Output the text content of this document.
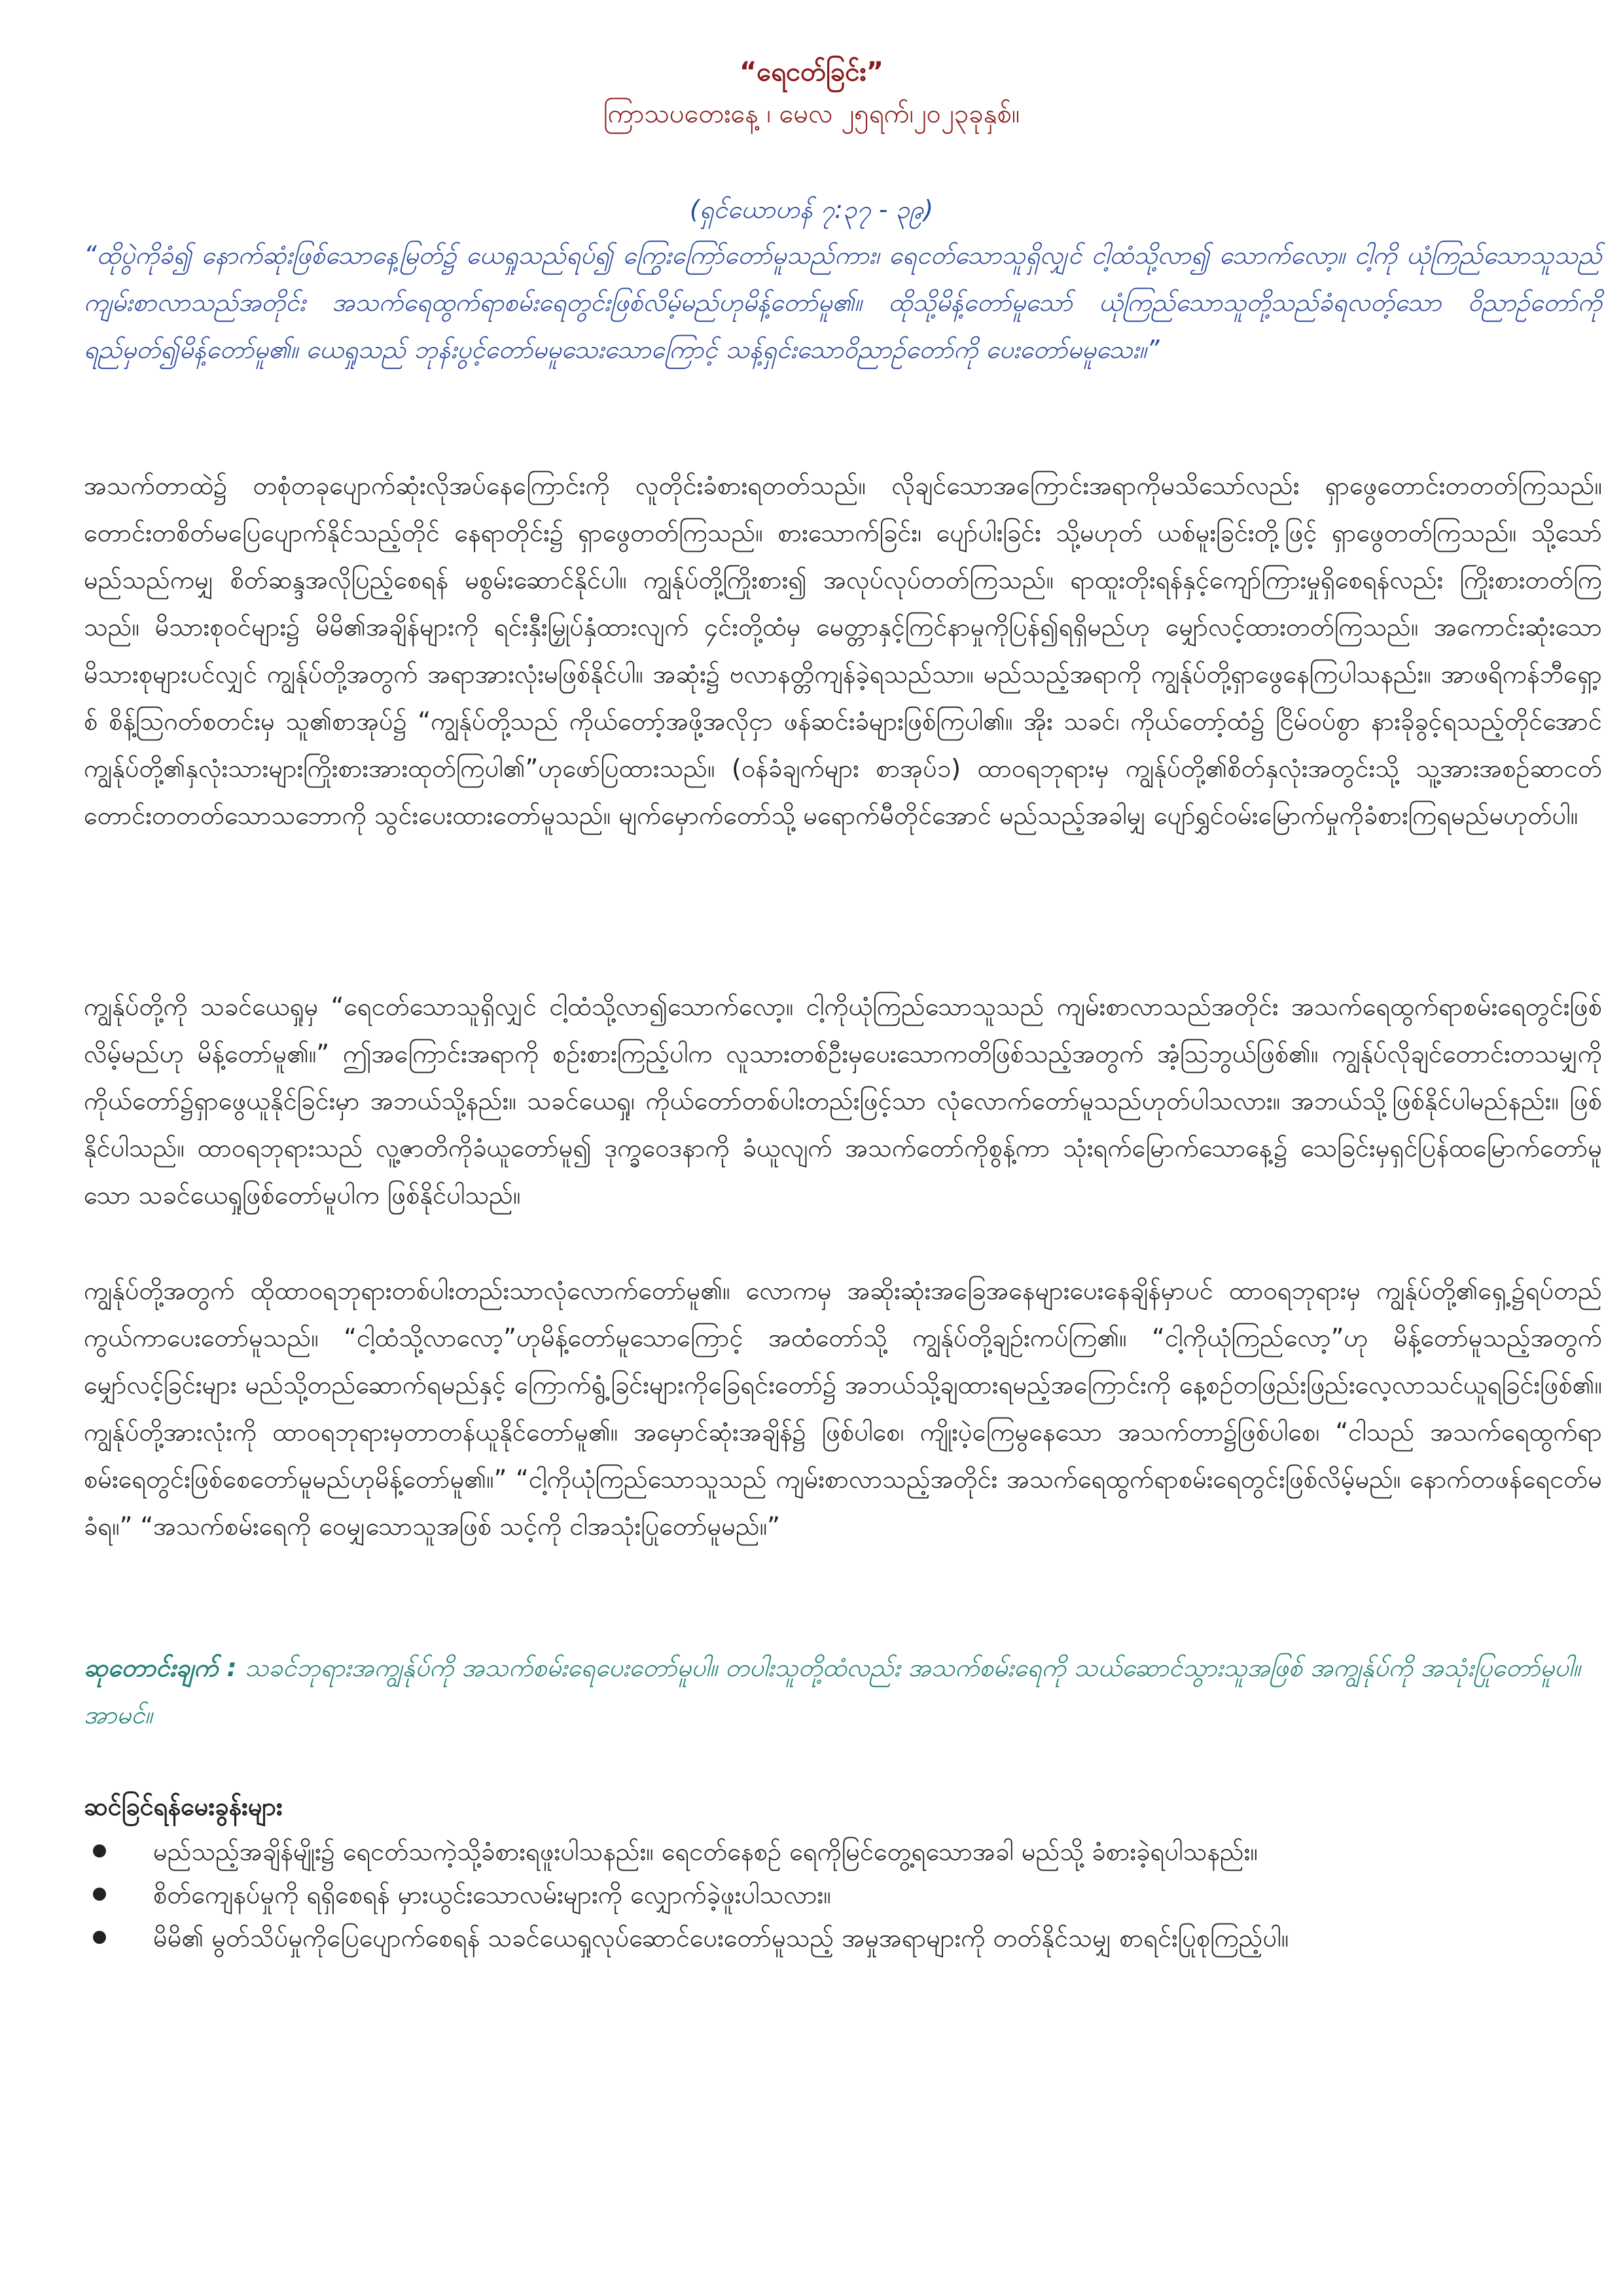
“ရေငတ်ခြင်း”
ကြာသပတေးနေ့ ၊ မေလ ၂၅ရက်၊၂၀၂၃ခုနှစ်။
(ရှင်ယောဟန် ၇:၃၇ - ၃၉)

“ထိုပွဲကိုခံ၍ နောက်ဆုံးဖြစ်သောနေ့မြတ်၌ ယေရှုသည်ရပ်၍ ကြွေးကြော်တော်မူသည်ကား၊ ရေငတ်သောသူရှိလျှင် ငါ့ထံသို့လာ၍ သောက်လော့။ ငါ့ကို ယုံကြည်သောသူသည် ကျမ်းစာလာသည်အတိုင်း အသက်ရေထွက်ရာစမ်းရေတွင်းဖြစ်လိမ့်မည်ဟုမိန့်တော်မူ၏။ ထိုသို့မိန့်တော်မူသော် ယုံကြည်သောသူတို့သည်ခံရလတ့်သော ဝိညာဉ်တော်ကိုရည်မှတ်၍မိန့်တော်မူ၏။ ယေရှုသည် ဘုန်းပွင့်တော်မမူသေးသောကြောင့် သန့်ရှင်းသောဝိညာဉ်တော်ကို ပေးတော်မမူသေး။”

အသက်တာထဲ၌ တစုံတခုပျောက်ဆုံးလိုအပ်နေကြောင်းကို လူတိုင်းခံစားရတတ်သည်။ လိုချင်သောအကြောင်းအရာကိုမသိသော်လည်း ရှာဖွေတောင်းတတတ်ကြသည်။ တောင်းတစိတ်မပြေပျောက်နိုင်သည့်တိုင် နေရာတိုင်း၌ ရှာဖွေတတ်ကြသည်။ စားသောက်ခြင်း၊ ပျော်ပါးခြင်း သို့မဟုတ် ယစ်မူးခြင်းတို့ဖြင့် ရှာဖွေတတ်ကြသည်။ သို့သော် မည်သည်ကမျှ စိတ်ဆန္ဒအလိုပြည့်စေရန် မစွမ်းဆောင်နိုင်ပါ။ ကျွန်ုပ်တို့ကြိုးစား၍ အလုပ်လုပ်တတ်ကြသည်။ ရာထူးတိုးရန်နှင့်ကျော်ကြားမှုရှိစေရန်လည်း ကြိုးစားတတ်ကြသည်။ မိသားစုဝင်များ၌ မိမိ၏အချိန်များကို ရင်းနှီးမြှုပ်နှံထားလျက် ၄င်းတို့ထံမှ မေတ္တာနှင့်ကြင်နာမှုကိုပြန်၍ရရှိမည်ဟု မျှော်လင့်ထားတတ်ကြသည်။ အကောင်းဆုံးသောမိသားစုများပင်လျှင် ကျွန်ုပ်တို့အတွက် အရာအားလုံးမဖြစ်နိုင်ပါ။ အဆုံး၌ ဗလာနတ္တိကျန်ခဲ့ရသည်သာ။ မည်သည့်အရာကို ကျွန်ုပ်တို့ရှာဖွေနေကြပါသနည်း။ အာဖရိကန်ဘီရှော့စ် စိန့်ဩဂတ်စတင်းမှ သူ၏စာအုပ်၌ “ကျွန်ုပ်တို့သည် ကိုယ်တော့်အဖို့အလိုငှာ ဖန်ဆင်းခံများဖြစ်ကြပါ၏။ အိုး သခင်၊ ကိုယ်တော့်ထံ၌ ငြိမ်ဝပ်စွာ နားခိုခွင့်ရသည့်တိုင်အောင် ကျွန်ုပ်တို့၏နှလုံးသားများကြိုးစားအားထုတ်ကြပါ၏”ဟုဖော်ပြထားသည်။ (ဝန်ခံချက်များ စာအုပ်၁) ထာဝရဘုရားမှ ကျွန်ုပ်တို့၏စိတ်နှလုံးအတွင်းသို့ သူ့အားအစဉ်ဆာငတ်တောင်းတတတ်သောသဘောကို သွင်းပေးထားတော်မူသည်။ မျက်မှောက်တော်သို့ မရောက်မီတိုင်အောင် မည်သည့်အခါမျှ ပျော်ရွှင်ဝမ်းမြောက်မှုကိုခံစားကြရမည်မဟုတ်ပါ။

ကျွန်ုပ်တို့ကို သခင်ယေရှုမှ “ရေငတ်သောသူရှိလျှင် ငါ့ထံသို့လာ၍သောက်လော့။ ငါ့ကိုယုံကြည်သောသူသည် ကျမ်းစာလာသည်အတိုင်း အသက်ရေထွက်ရာစမ်းရေတွင်းဖြစ်လိမ့်မည်ဟု မိန့်တော်မူ၏။” ဤအကြောင်းအရာကို စဉ်းစားကြည့်ပါက လူသားတစ်ဦးမှပေးသောကတိဖြစ်သည့်အတွက် အံ့သြဘွယ်ဖြစ်၏။ ကျွန်ုပ်လိုချင်တောင်းတသမျှကို ကိုယ်တော်၌ရှာဖွေယူနိုင်ခြင်းမှာ အဘယ်သို့နည်း။ သခင်ယေရှု၊ ကိုယ်တော်တစ်ပါးတည်းဖြင့်သာ လုံလောက်တော်မူသည်ဟုတ်ပါသလား။ အဘယ်သို့ဖြစ်နိုင်ပါမည်နည်း။ ဖြစ်နိုင်ပါသည်။ ထာဝရဘုရားသည် လူ့ဇာတိကိုခံယူတော်မူ၍ ဒုက္ခဝေဒနာကို ခံယူလျက် အသက်တော်ကိုစွန့်ကာ သုံးရက်မြောက်သောနေ့၌ သေခြင်းမှရှင်ပြန်ထမြောက်တော်မူသော သခင်ယေရှုဖြစ်တော်မူပါက ဖြစ်နိုင်ပါသည်။

ကျွန်ုပ်တို့အတွက် ထိုထာဝရဘုရားတစ်ပါးတည်းသာလုံလောက်တော်မူ၏။ လောကမှ အဆိုးဆုံးအခြေအနေများပေးနေချိန်မှာပင် ထာဝရဘုရားမှ ကျွန်ုပ်တို့၏ရှေ့၌ရပ်တည်ကွယ်ကာပေးတော်မူသည်။ “ငါ့ထံသို့လာလော့”ဟုမိန့်တော်မူသောကြောင့် အထံတော်သို့ ကျွန်ုပ်တို့ချဉ်းကပ်ကြ၏။ “ငါ့ကိုယုံကြည်လော့”ဟု မိန့်တော်မူသည့်အတွက် မျှော်လင့်ခြင်းများ မည်သို့တည်ဆောက်ရမည်နှင့် ကြောက်ရွံ့ခြင်းများကိုခြေရင်းတော်၌ အဘယ်သို့ချထားရမည့်အကြောင်းကို နေ့စဉ်တဖြည်းဖြည်းလေ့လာသင်ယူရခြင်းဖြစ်၏။ ကျွန်ုပ်တို့အားလုံးကို ထာဝရဘုရားမှတာတန်ယူနိုင်တော်မူ၏။ အမှောင်ဆုံးအချိန်၌ ဖြစ်ပါစေ၊ ကျိုးပဲ့ကြေမွနေသော အသက်တာ၌ဖြစ်ပါစေ၊ “ငါသည် အသက်ရေထွက်ရာ စမ်းရေတွင်းဖြစ်စေတော်မူမည်ဟုမိန့်တော်မူ၏။” “ငါ့ကိုယုံကြည်သောသူသည် ကျမ်းစာလာသည့်အတိုင်း အသက်ရေထွက်ရာစမ်းရေတွင်းဖြစ်လိမ့်မည်။ နောက်တဖန်ရေငတ်မခံရ။” “အသက်စမ်းရေကို ဝေမျှသောသူအဖြစ် သင့်ကို ငါအသုံးပြုတော်မူမည်။”

ဆုတောင်းချက် : သခင်ဘုရားအကျွန်ုပ်ကို အသက်စမ်းရေပေးတော်မူပါ။ တပါးသူတို့ထံလည်း အသက်စမ်းရေကို သယ်ဆောင်သွားသူအဖြစ် အကျွန်ုပ်ကို အသုံးပြုတော်မူပါ။ အာမင်။

ဆင်ခြင်ရန်မေးခွန်းများ
မည်သည့်အချိန်မျိုး၌ ရေငတ်သကဲ့သို့ခံစားရဖူးပါသနည်း။ ရေငတ်နေစဉ် ရေကိုမြင်တွေ့ရသောအခါ မည်သို့ ခံစားခဲ့ရပါသနည်း။
စိတ်ကျေနပ်မှုကို ရရှိစေရန် မှားယွင်းသောလမ်းများကို လျှောက်ခဲ့ဖူးပါသလား။
မိမိ၏ မွတ်သိပ်မှုကိုပြေပျောက်စေရန် သခင်ယေရှုလုပ်ဆောင်ပေးတော်မူသည့် အမှုအရာများကို တတ်နိုင်သမျှ စာရင်းပြုစုကြည့်ပါ။
